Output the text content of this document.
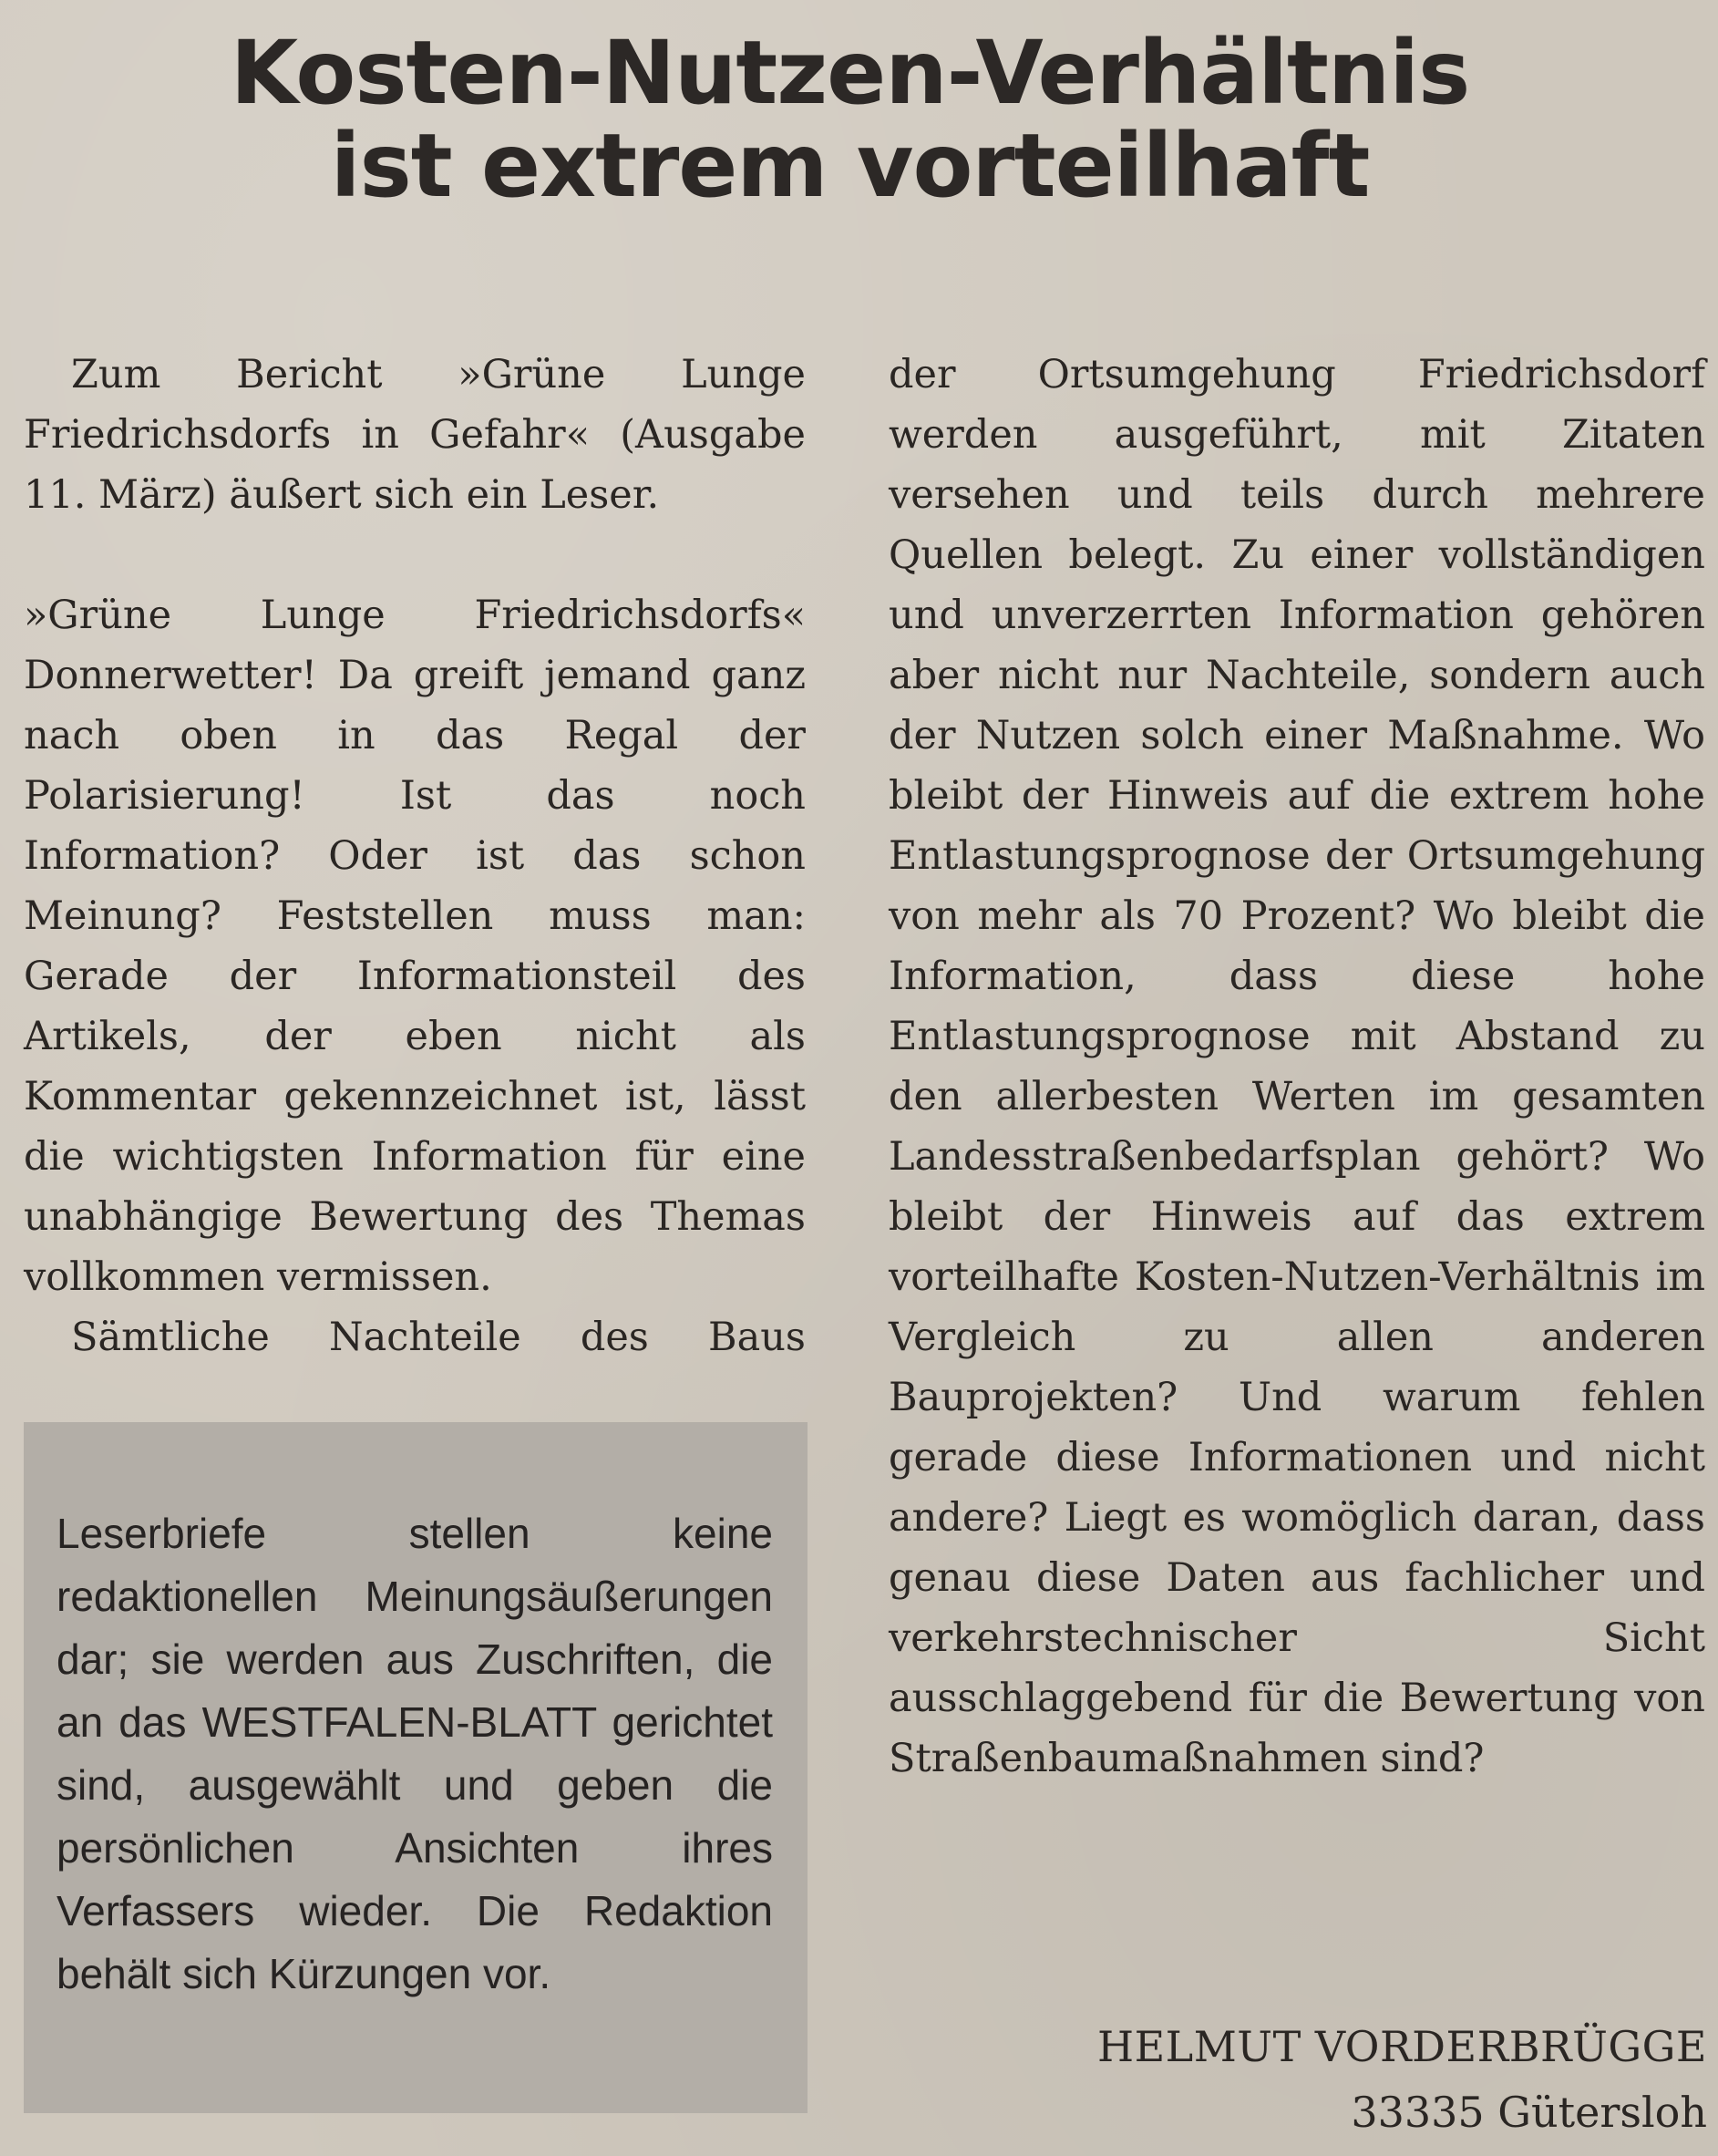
Kosten-Nutzen-Verhältnis
ist extrem vorteilhaft

Zum Bericht »Grüne Lunge Friedrichsdorfs in Gefahr« (Ausgabe 11. März) äußert sich ein Leser.

»Grüne Lunge Friedrichsdorfs« Donnerwetter! Da greift jemand ganz nach oben in das Regal der Polarisierung! Ist das noch Information? Oder ist das schon Meinung? Feststellen muss man: Gerade der Informationsteil des Artikels, der eben nicht als Kommentar gekennzeichnet ist, lässt die wichtigsten Information für eine unabhängige Bewertung des Themas vollkommen vermissen.

Sämtliche Nachteile des Baus

Leserbriefe stellen keine redaktionellen Meinungsäußerungen dar; sie werden aus Zuschriften, die an das WESTFALEN-BLATT gerichtet sind, ausgewählt und geben die persönlichen Ansichten ihres Verfassers wieder. Die Redaktion behält sich Kürzungen vor.

der Ortsumgehung Friedrichsdorf werden ausgeführt, mit Zitaten versehen und teils durch mehrere Quellen belegt. Zu einer vollständigen und unverzerrten Information gehören aber nicht nur Nachteile, sondern auch der Nutzen solch einer Maßnahme. Wo bleibt der Hinweis auf die extrem hohe Entlastungsprognose der Ortsumgehung von mehr als 70 Prozent? Wo bleibt die Information, dass diese hohe Entlastungsprognose mit Abstand zu den allerbesten Werten im gesamten Landesstraßenbedarfsplan gehört? Wo bleibt der Hinweis auf das extrem vorteilhafte Kosten-Nutzen-Verhältnis im Vergleich zu allen anderen Bauprojekten? Und warum fehlen gerade diese Informationen und nicht andere? Liegt es womöglich daran, dass genau diese Daten aus fachlicher und verkehrstechnischer Sicht ausschlaggebend für die Bewertung von Straßenbaumaßnahmen sind?

HELMUT VORDERBRÜGGE

33335 Gütersloh
